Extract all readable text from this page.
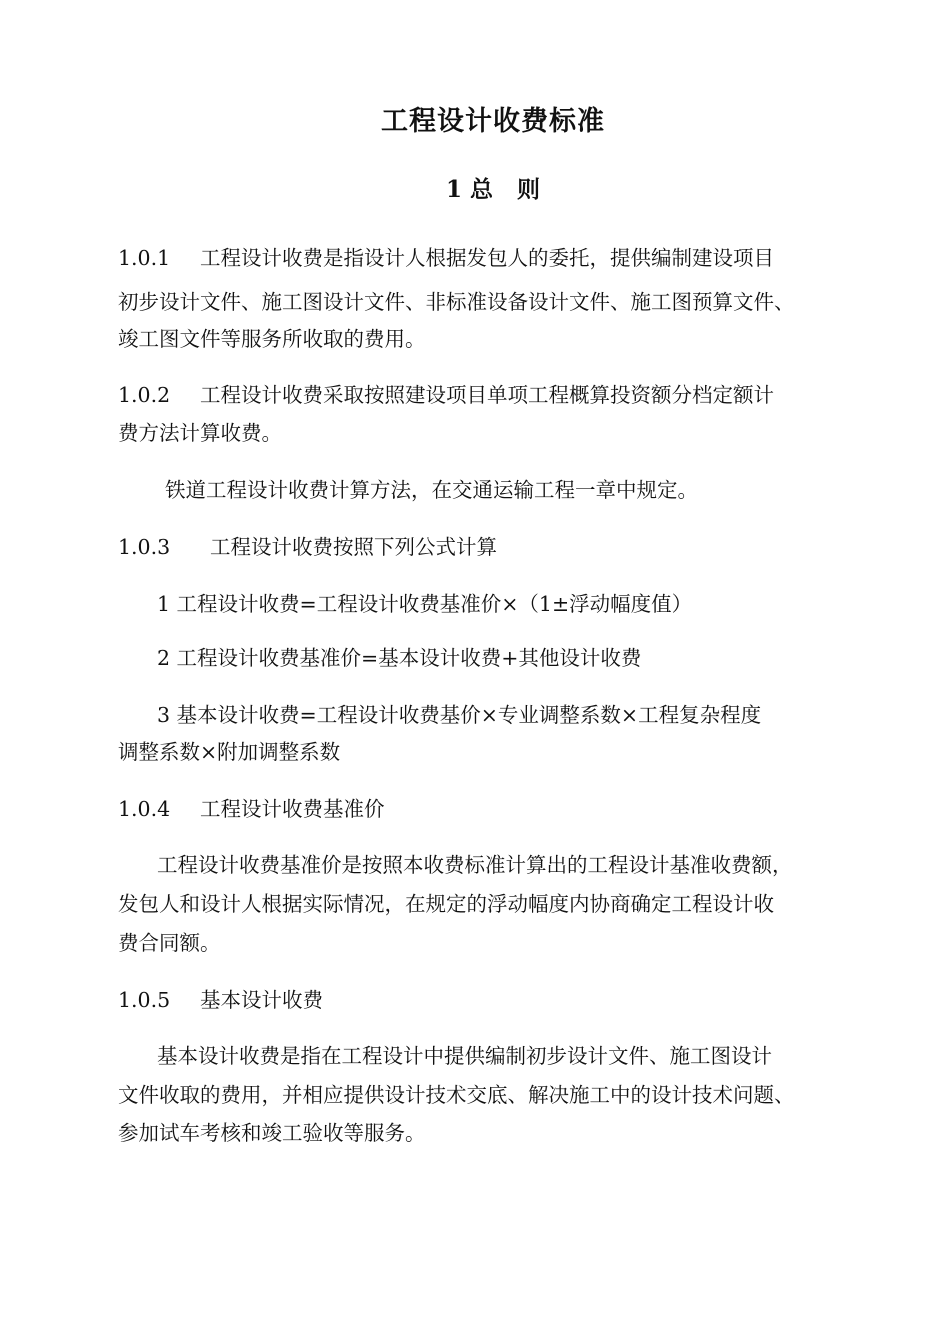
工程设计收费标准
1 总   则

1.0.1 工程设计收费是指设计人根据发包人的委托，提供编制建设项目

初步设计文件、施工图设计文件、非标准设备设计文件、施工图预算文件、

竣工图文件等服务所收取的费用。

1.0.2 工程设计收费采取按照建设项目单项工程概算投资额分档定额计

费方法计算收费。

铁道工程设计收费计算方法，在交通运输工程一章中规定。

1.0.3 工程设计收费按照下列公式计算

1 工程设计收费=工程设计收费基准价×（1±浮动幅度值）

2 工程设计收费基准价=基本设计收费+其他设计收费

3 基本设计收费=工程设计收费基价×专业调整系数×工程复杂程度

调整系数×附加调整系数

1.0.4 工程设计收费基准价

工程设计收费基准价是按照本收费标准计算出的工程设计基准收费额，

发包人和设计人根据实际情况，在规定的浮动幅度内协商确定工程设计收

费合同额。

1.0.5 基本设计收费

基本设计收费是指在工程设计中提供编制初步设计文件、施工图设计

文件收取的费用，并相应提供设计技术交底、解决施工中的设计技术问题、

参加试车考核和竣工验收等服务。
